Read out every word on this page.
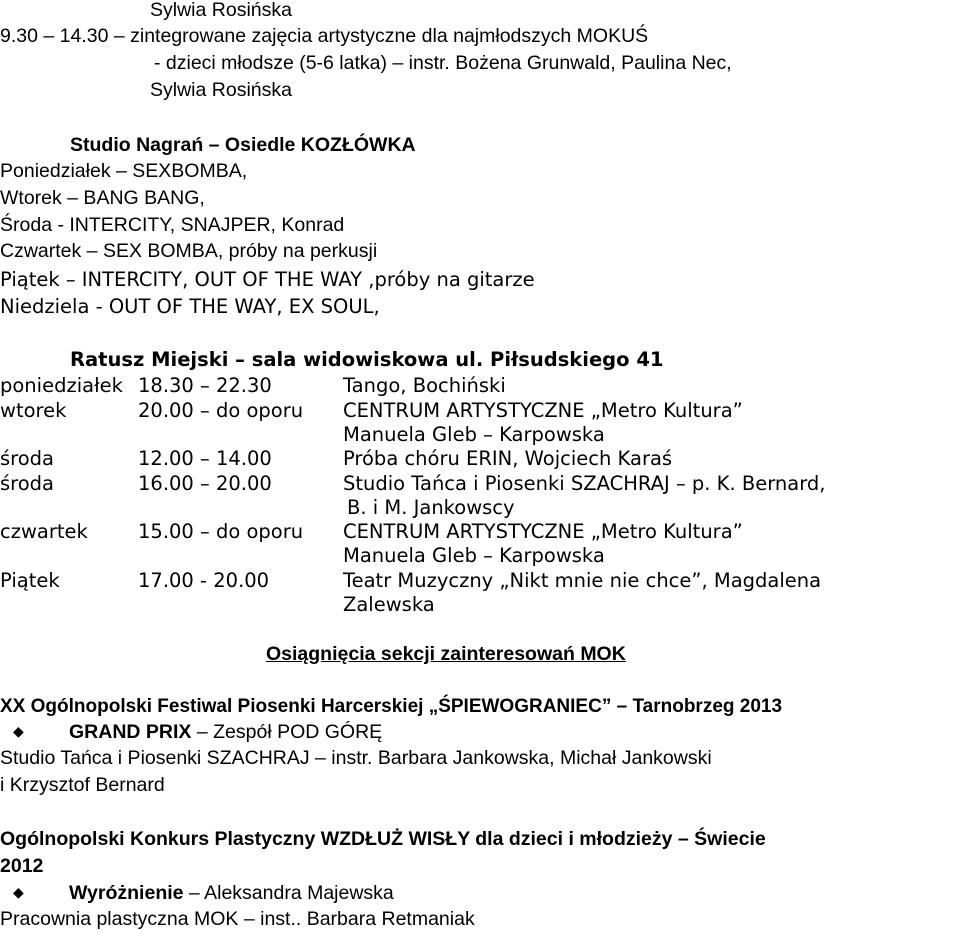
Sylwia Rosińska
9.30 – 14.30 – zintegrowane zajęcia artystyczne dla najmłodszych MOKUŚ
- dzieci młodsze (5-6 latka) – instr. Bożena Grunwald, Paulina Nec,
Sylwia Rosińska
Studio Nagrań – Osiedle KOZŁÓWKA
Poniedziałek – SEXBOMBA,
Wtorek – BANG BANG,
Środa - INTERCITY, SNAJPER, Konrad
Czwartek – SEX BOMBA, próby na perkusji
Piątek – INTERCITY, OUT OF THE WAY ,próby na gitarze
Niedziela - OUT OF THE WAY, EX SOUL,
Ratusz Miejski – sala widowiskowa ul. Piłsudskiego 41
poniedziałek 18.30 – 22.30	Tango, Bochiński
wtorek	20.00 – do oporu CENTRUM ARTYSTYCZNE „Metro Kultura”
Manuela Gleb – Karpowska
środa	12.00 – 14.00	Próba chóru ERIN, Wojciech Karaś
środa	16.00 – 20.00	Studio Tańca i Piosenki SZACHRAJ – p. K. Bernard,
B. i M. Jankowscy
czwartek	15.00 – do oporu CENTRUM ARTYSTYCZNE „Metro Kultura”
Manuela Gleb – Karpowska
Piątek	17.00 - 20.00	Teatr Muzyczny „Nikt mnie nie chce”, Magdalena
Zalewska
Osiągnięcia sekcji zainteresowań MOK
XX Ogólnopolski Festiwal Piosenki Harcerskiej „ŚPIEWOGRANIEC” – Tarnobrzeg 2013
◆ GRAND PRIX – Zespół POD GÓRĘ
Studio Tańca i Piosenki SZACHRAJ – instr. Barbara Jankowska, Michał Jankowski
i Krzysztof Bernard
Ogólnopolski Konkurs Plastyczny WZDŁUŻ WISŁY dla dzieci i młodzieży – Świecie
2012
◆ Wyróżnienie – Aleksandra Majewska
Pracownia plastyczna MOK – inst.. Barbara Retmaniak
